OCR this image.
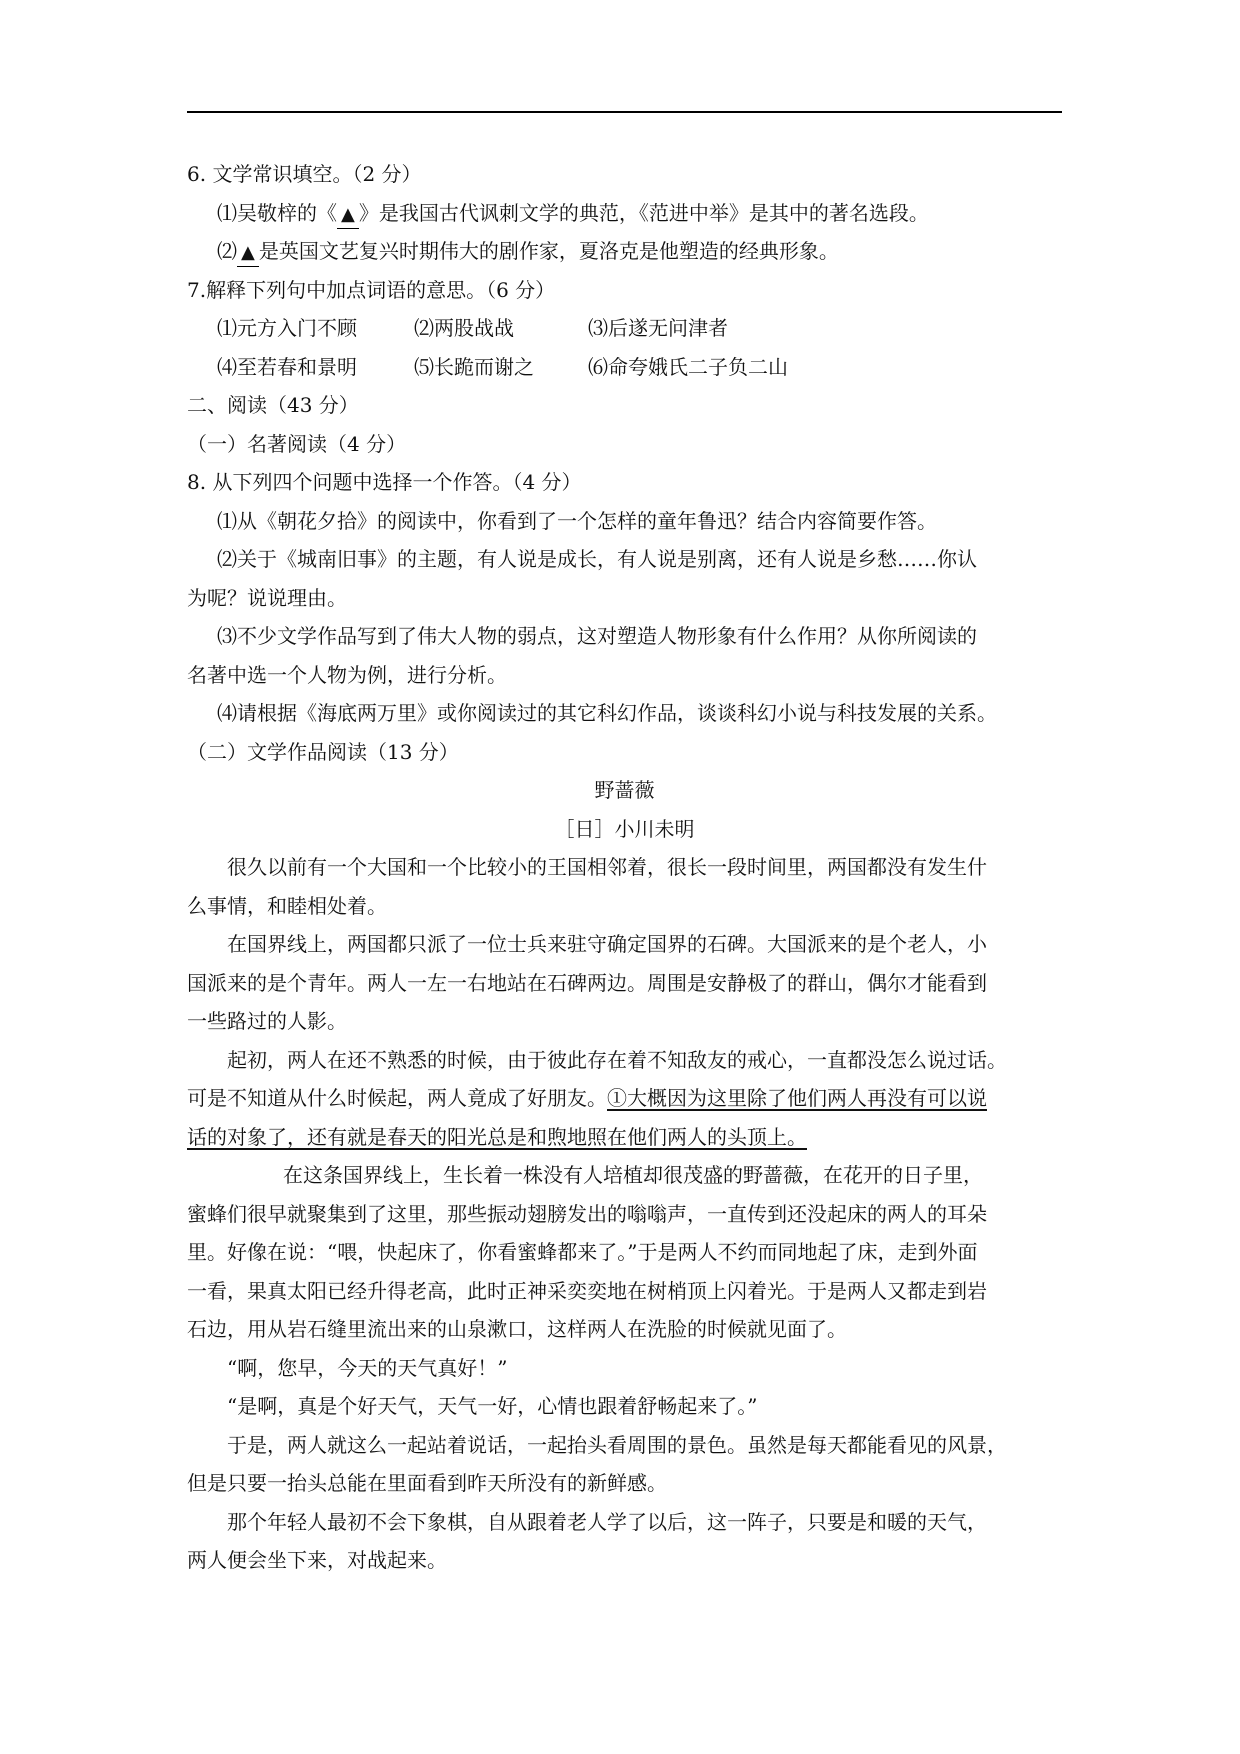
6. 文学常识填空。（2 分）
⑴吴敬梓的《 ▲ 》是我国古代讽刺文学的典范，《范进中举》是其中的著名选段。
⑵ ▲ 是英国文艺复兴时期伟大的剧作家，夏洛克是他塑造的经典形象。
7.解释下列句中加点词语的意思。（6 分）
⑴元方入门不顾	⑵两股战战	⑶后遂无问津者
⑷至若春和景明	⑸长跪而谢之	⑹命夸娥氏二子负二山
二、阅读（43 分）
（一）名著阅读（4 分）
8. 从下列四个问题中选择一个作答。（4 分）
⑴从《朝花夕拾》的阅读中，你看到了一个怎样的童年鲁迅？结合内容简要作答。
⑵关于《城南旧事》的主题，有人说是成长，有人说是别离，还有人说是乡愁……你认
为呢？说说理由。
⑶不少文学作品写到了伟大人物的弱点，这对塑造人物形象有什么作用？从你所阅读的
名著中选一个人物为例，进行分析。
⑷请根据《海底两万里》或你阅读过的其它科幻作品，谈谈科幻小说与科技发展的关系。
（二）文学作品阅读（13 分）
野蔷薇
［日］小川未明
很久以前有一个大国和一个比较小的王国相邻着，很长一段时间里，两国都没有发生什
么事情，和睦相处着。
在国界线上，两国都只派了一位士兵来驻守确定国界的石碑。大国派来的是个老人，小
国派来的是个青年。两人一左一右地站在石碑两边。周围是安静极了的群山，偶尔才能看到
一些路过的人影。
起初，两人在还不熟悉的时候，由于彼此存在着不知敌友的戒心，一直都没怎么说过话。
可是不知道从什么时候起，两人竟成了好朋友。①大概因为这里除了他们两人再没有可以说
话的对象了，还有就是春天的阳光总是和煦地照在他们两人的头顶上。
在这条国界线上，生长着一株没有人培植却很茂盛的野蔷薇，在花开的日子里，
蜜蜂们很早就聚集到了这里，那些振动翅膀发出的嗡嗡声，一直传到还没起床的两人的耳朵
里。好像在说：“喂，快起床了，你看蜜蜂都来了。”于是两人不约而同地起了床，走到外面
一看，果真太阳已经升得老高，此时正神采奕奕地在树梢顶上闪着光。于是两人又都走到岩
石边，用从岩石缝里流出来的山泉漱口，这样两人在洗脸的时候就见面了。
“啊，您早，今天的天气真好！”
“是啊，真是个好天气，天气一好，心情也跟着舒畅起来了。”
于是，两人就这么一起站着说话，一起抬头看周围的景色。虽然是每天都能看见的风景，
但是只要一抬头总能在里面看到昨天所没有的新鲜感。
那个年轻人最初不会下象棋，自从跟着老人学了以后，这一阵子，只要是和暖的天气，
两人便会坐下来，对战起来。
